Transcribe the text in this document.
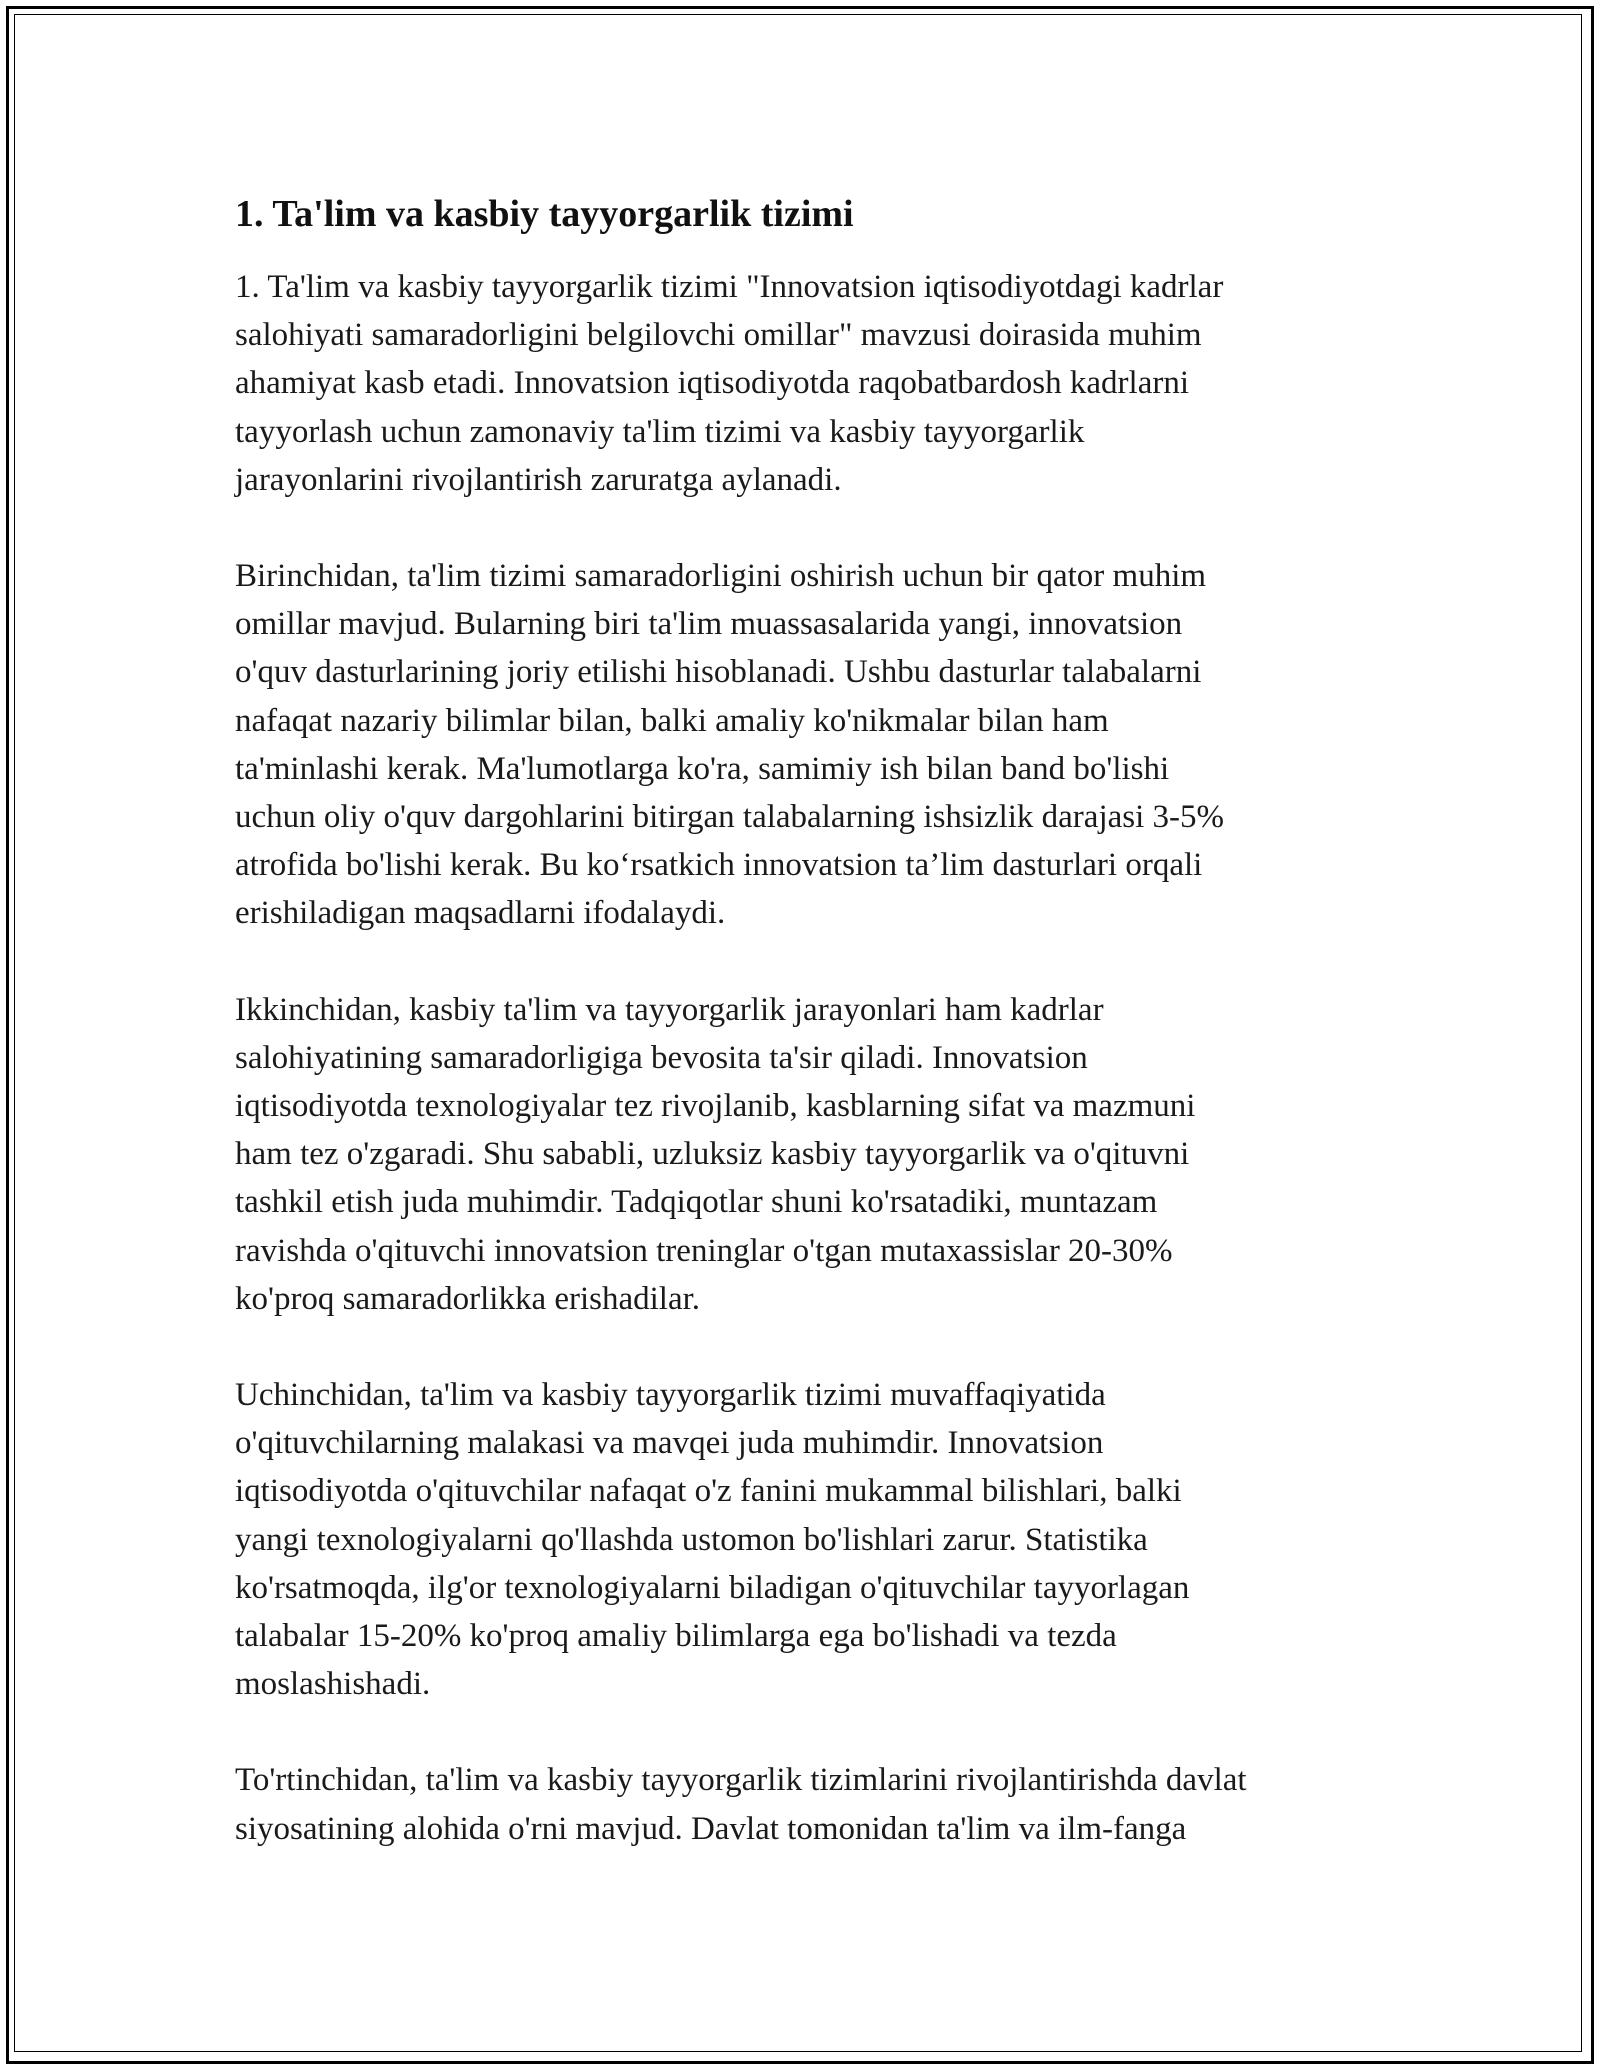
1. Ta'lim va kasbiy tayyorgarlik tizimi

1. Ta'lim va kasbiy tayyorgarlik tizimi "Innovatsion iqtisodiyotdagi kadrlar
salohiyati samaradorligini belgilovchi omillar" mavzusi doirasida muhim
ahamiyat kasb etadi. Innovatsion iqtisodiyotda raqobatbardosh kadrlarni
tayyorlash uchun zamonaviy ta'lim tizimi va kasbiy tayyorgarlik
jarayonlarini rivojlantirish zaruratga aylanadi.

Birinchidan, ta'lim tizimi samaradorligini oshirish uchun bir qator muhim
omillar mavjud. Bularning biri ta'lim muassasalarida yangi, innovatsion
o'quv dasturlarining joriy etilishi hisoblanadi. Ushbu dasturlar talabalarni
nafaqat nazariy bilimlar bilan, balki amaliy ko'nikmalar bilan ham
ta'minlashi kerak. Ma'lumotlarga ko'ra, samimiy ish bilan band bo'lishi
uchun oliy o'quv dargohlarini bitirgan talabalarning ishsizlik darajasi 3-5%
atrofida bo'lishi kerak. Bu ko‘rsatkich innovatsion ta’lim dasturlari orqali
erishiladigan maqsadlarni ifodalaydi.

Ikkinchidan, kasbiy ta'lim va tayyorgarlik jarayonlari ham kadrlar
salohiyatining samaradorligiga bevosita ta'sir qiladi. Innovatsion
iqtisodiyotda texnologiyalar tez rivojlanib, kasblarning sifat va mazmuni
ham tez o'zgaradi. Shu sababli, uzluksiz kasbiy tayyorgarlik va o'qituvni
tashkil etish juda muhimdir. Tadqiqotlar shuni ko'rsatadiki, muntazam
ravishda o'qituvchi innovatsion treninglar o'tgan mutaxassislar 20-30%
ko'proq samaradorlikka erishadilar.

Uchinchidan, ta'lim va kasbiy tayyorgarlik tizimi muvaffaqiyatida
o'qituvchilarning malakasi va mavqei juda muhimdir. Innovatsion
iqtisodiyotda o'qituvchilar nafaqat o'z fanini mukammal bilishlari, balki
yangi texnologiyalarni qo'llashda ustomon bo'lishlari zarur. Statistika
ko'rsatmoqda, ilg'or texnologiyalarni biladigan o'qituvchilar tayyorlagan
talabalar 15-20% ko'proq amaliy bilimlarga ega bo'lishadi va tezda
moslashishadi.

To'rtinchidan, ta'lim va kasbiy tayyorgarlik tizimlarini rivojlantirishda davlat
siyosatining alohida o'rni mavjud. Davlat tomonidan ta'lim va ilm-fanga
